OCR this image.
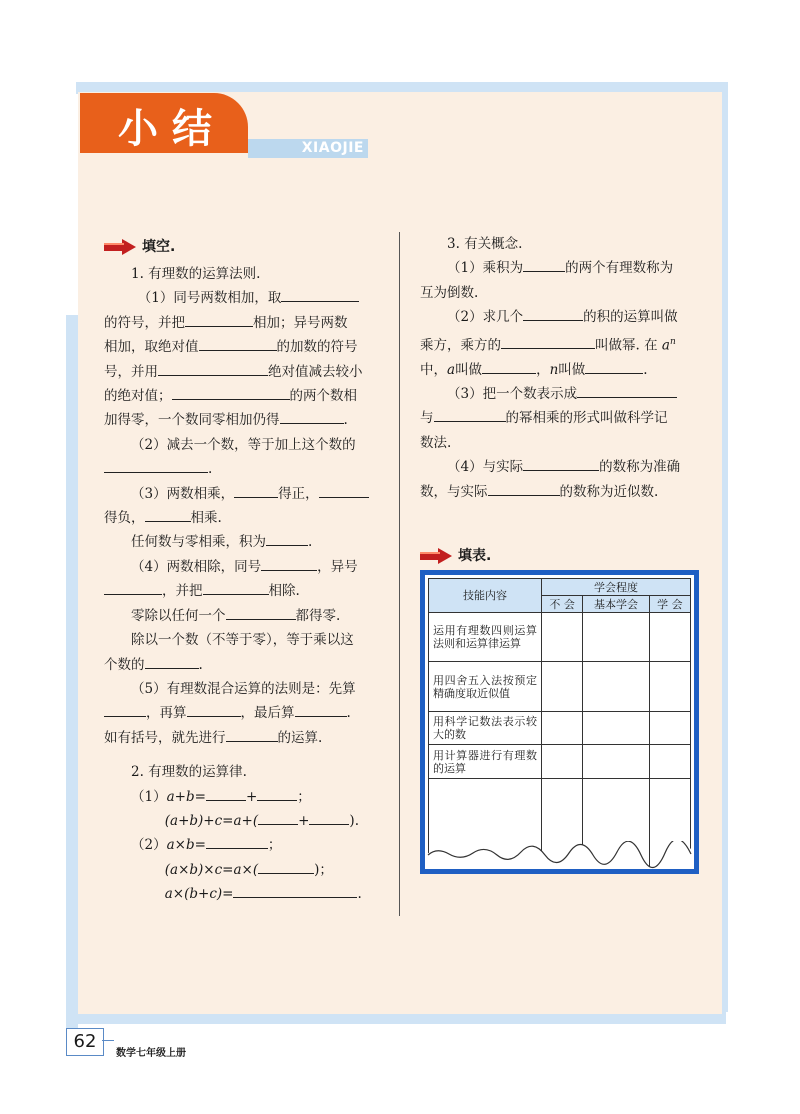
小结	XIAOJIE
填空.

1. 有理数的运算法则.

（1）同号两数相加，取

的符号，并把	相加；异号两数

相加，取绝对值	的加数的符号

号，并用	绝对值减去较小

的绝对值；	的两个数相

加得零，一个数同零相加仍得	.

（2）减去一个数，等于加上这个数的

.

（3）两数相乘，	得正，

得负，	相乘.

任何数与零相乘，积为	.

（4）两数相除，同号	，异号

，并把	相除.

零除以任何一个	都得零.

除以一个数（不等于零），等于乘以这

个数的	.

（5）有理数混合运算的法则是：先算

，再算	，最后算	.

如有括号，就先进行	的运算.

2. 有理数的运算律.

（1）a+b=	+	；

(a+b)+c=a+(	+	).

（2）a×b=	；

(a×b)×c=a×(	)；

a×(b+c)=	.

3. 有关概念.

（1）乘积为	的两个有理数称为

互为倒数.

（2）求几个	的积的运算叫做

乘方，乘方的	叫做幂. 在 $a^n$

中，a叫做	，n叫做	.

（3）把一个数表示成

与	的幂相乘的形式叫做科学记

数法.

（4）与实际	的数称为准确

数，与实际	的数称为近似数.

填表.
技能内容	学会程度		
	不 会	基本学会	学 会
运用有理数四则运算法则和运算律运算			
用四舍五入法按预定精确度取近似值			
用科学记数法表示较大的数			
用计算器进行有理数的运算			

62
数学七年级上册
